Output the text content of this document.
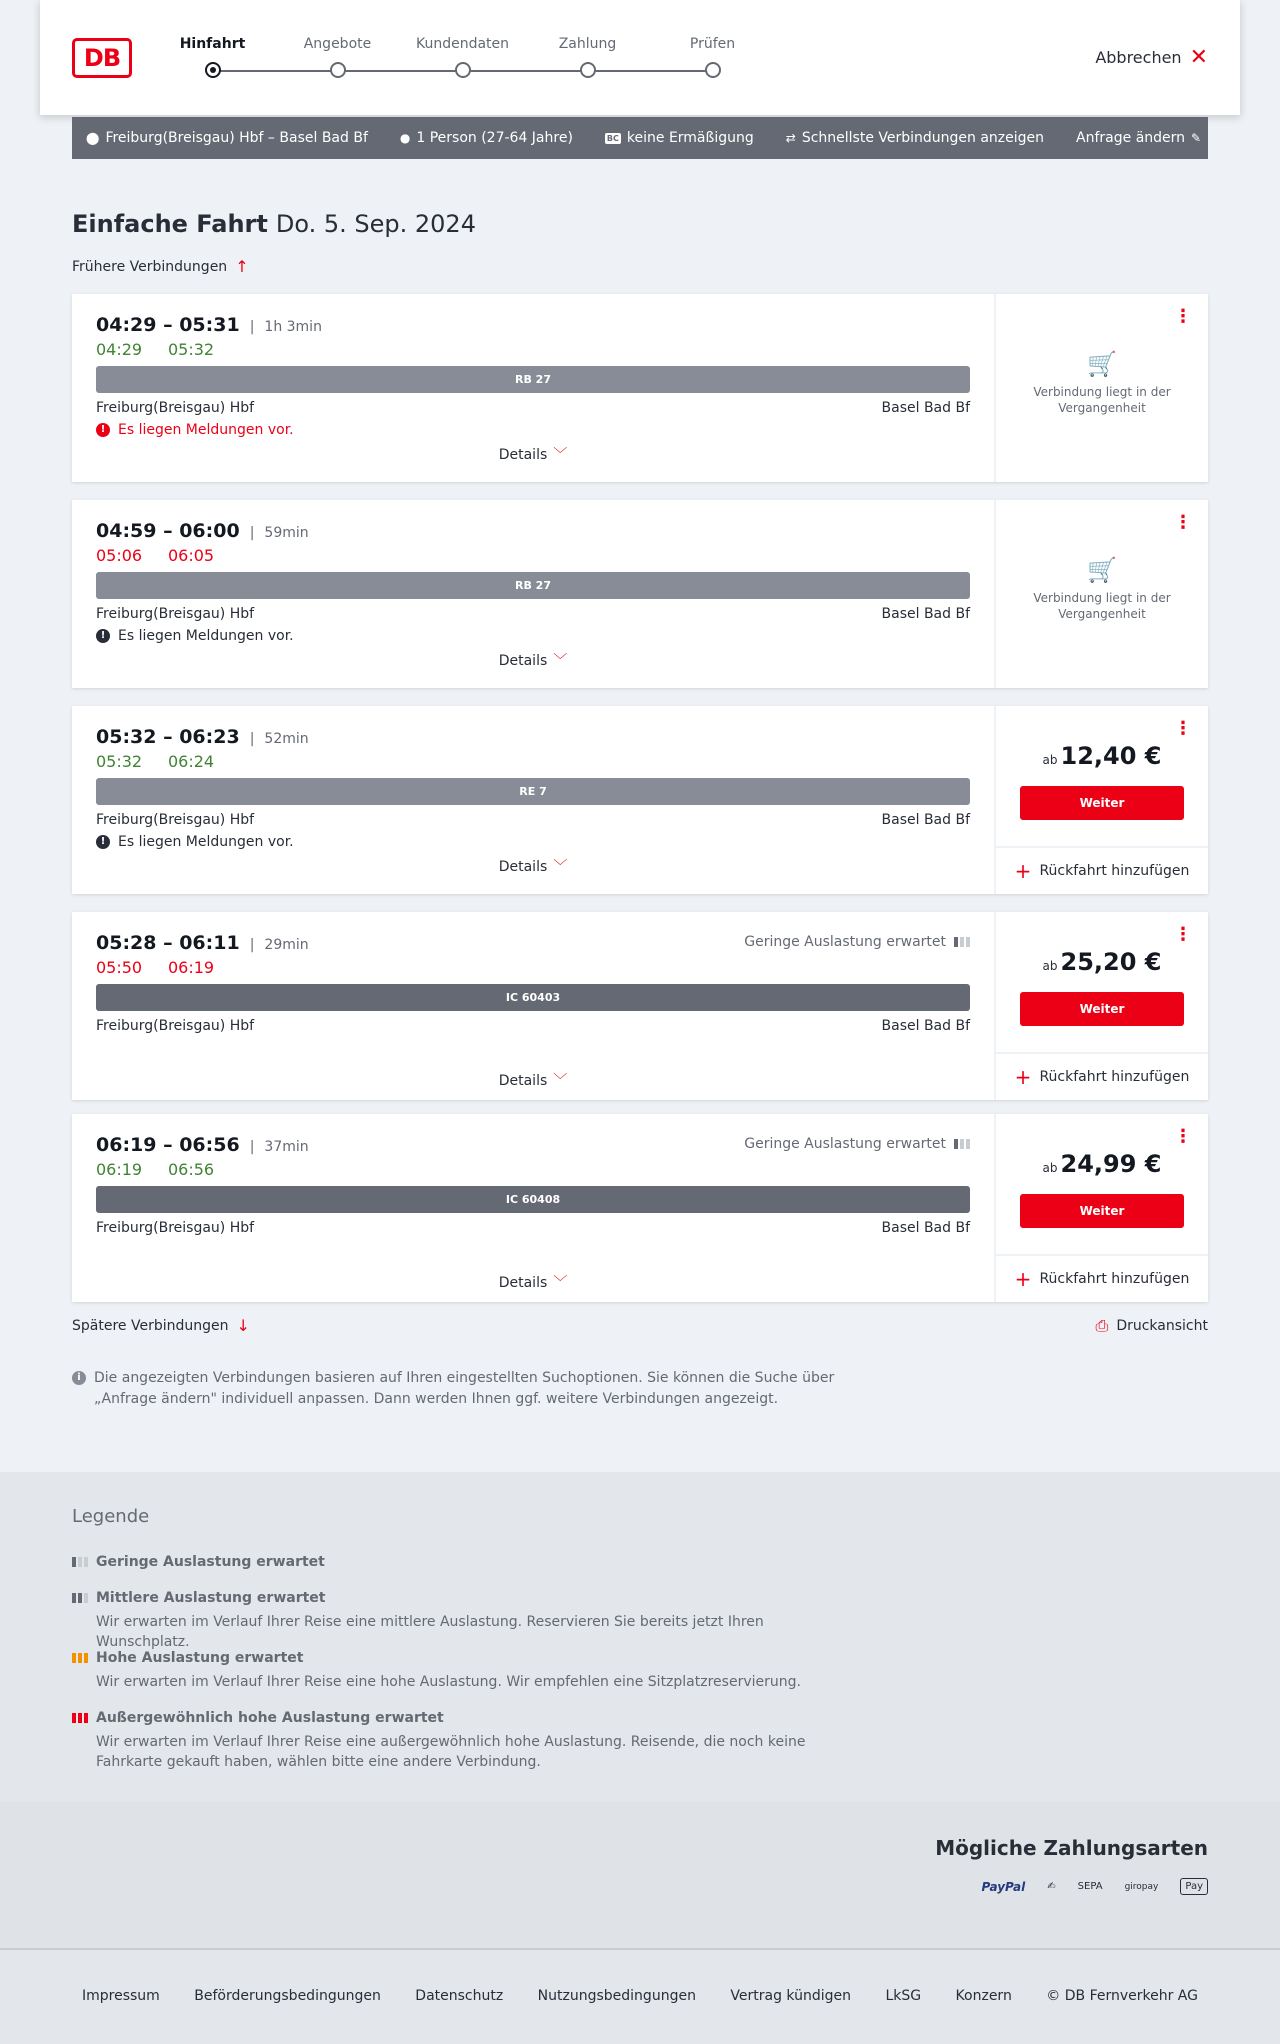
DB	Hinfahrt	Angebote	Kundendaten	Zahlung	Prüfen
Abbrechen ✕
⬤ Freiburg(Breisgau) Hbf – Basel Bad Bf	● 1 Person (27-64 Jahre)	BC keine Ermäßigung	⇄ Schnellste Verbindungen anzeigen Anfrage ändern ✎
Einfache Fahrt Do. 5. Sep. 2024
Frühere Verbindungen ↑
04:29 – 05:31 | 1h 3min
04:29 05:32
RB 27
Freiburg(Breisgau) Hbf	Basel Bad Bf
! Es liegen Meldungen vor.
Details ﹀
⋮
🛒
Verbindung liegt in der Vergangenheit
04:59 – 06:00 | 59min
05:06 06:05
RB 27
Freiburg(Breisgau) Hbf	Basel Bad Bf
! Es liegen Meldungen vor.
Details ﹀
⋮
🛒
Verbindung liegt in der Vergangenheit
05:32 – 06:23 | 52min
05:32 06:24
RE 7
Freiburg(Breisgau) Hbf	Basel Bad Bf
! Es liegen Meldungen vor.
Details ﹀
⋮
ab 12,40 €
Weiter
+ Rückfahrt hinzufügen
05:28 – 06:11 | 29min	Geringe Auslastung erwartet
05:50 06:19
IC 60403
Freiburg(Breisgau) Hbf	Basel Bad Bf
Details ﹀
⋮
ab 25,20 €
Weiter
+ Rückfahrt hinzufügen
06:19 – 06:56 | 37min	Geringe Auslastung erwartet
06:19 06:56
IC 60408
Freiburg(Breisgau) Hbf	Basel Bad Bf
Details ﹀
⋮
ab 24,99 €
Weiter
+ Rückfahrt hinzufügen
Spätere Verbindungen ↓	⎙ Druckansicht
i Die angezeigten Verbindungen basieren auf Ihren eingestellten Suchoptionen. Sie können die Suche über „Anfrage ändern" individuell anpassen. Dann werden Ihnen ggf. weitere Verbindungen angezeigt.
Legende
Geringe Auslastung erwartet
Mittlere Auslastung erwartet
Wir erwarten im Verlauf Ihrer Reise eine mittlere Auslastung. Reservieren Sie bereits jetzt Ihren Wunschplatz.
Hohe Auslastung erwartet
Wir erwarten im Verlauf Ihrer Reise eine hohe Auslastung. Wir empfehlen eine Sitzplatzreservierung.
Außergewöhnlich hohe Auslastung erwartet
Wir erwarten im Verlauf Ihrer Reise eine außergewöhnlich hohe Auslastung. Reisende, die noch keine Fahrkarte gekauft haben, wählen bitte eine andere Verbindung.
Mögliche Zahlungsarten
PayPal ✍ SEPA giropay	Pay
Impressum Beförderungsbedingungen Datenschutz Nutzungsbedingungen Vertrag kündigen LkSG Konzern © DB Fernverkehr AG
